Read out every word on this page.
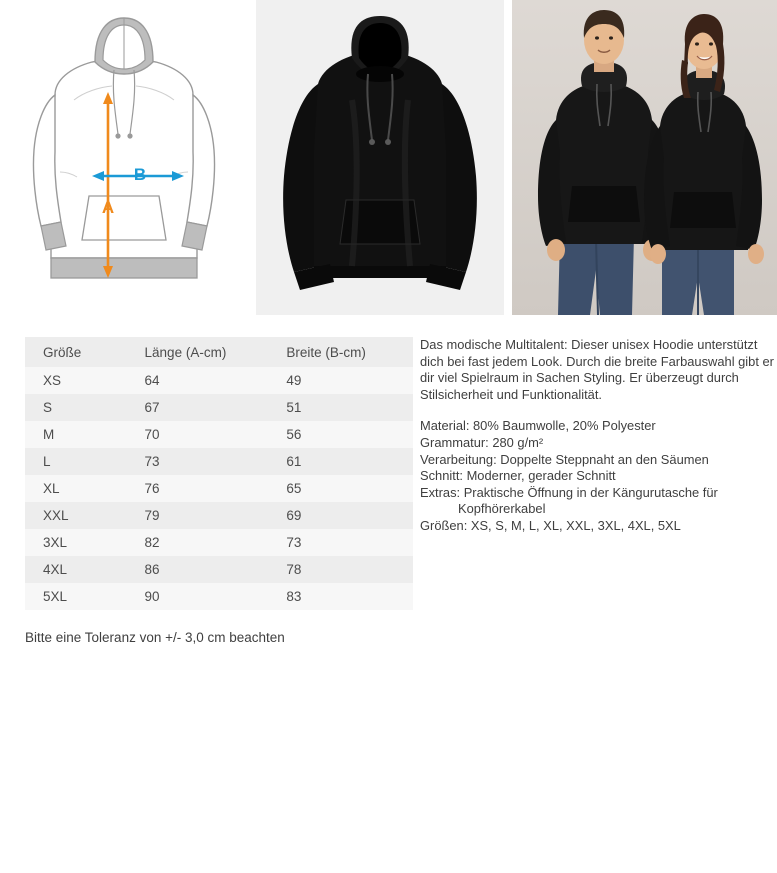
A
B
Größe	Länge (A-cm)	Breite (B-cm)
XS	64	49
S	67	51
M	70	56
L	73	61
XL	76	65
XXL	79	69
3XL	82	73
4XL	86	78
5XL	90	83
Bitte eine Toleranz von +/- 3,0 cm beachten

Das modische Multitalent: Dieser unisex Hoodie unterstützt dich bei fast jedem Look. Durch die breite Farbauswahl gibt er dir viel Spielraum in Sachen Styling. Er überzeugt durch Stilsicherheit und Funktionalität.

Material: 80% Baumwolle, 20% Polyester

Grammatur: 280 g/m²

Verarbeitung: Doppelte Steppnaht an den Säumen

Schnitt: Moderner, gerader Schnitt

Extras: Praktische Öffnung in der Kängurutasche für

Kopfhörerkabel

Größen: XS, S, M, L, XL, XXL, 3XL, 4XL, 5XL
